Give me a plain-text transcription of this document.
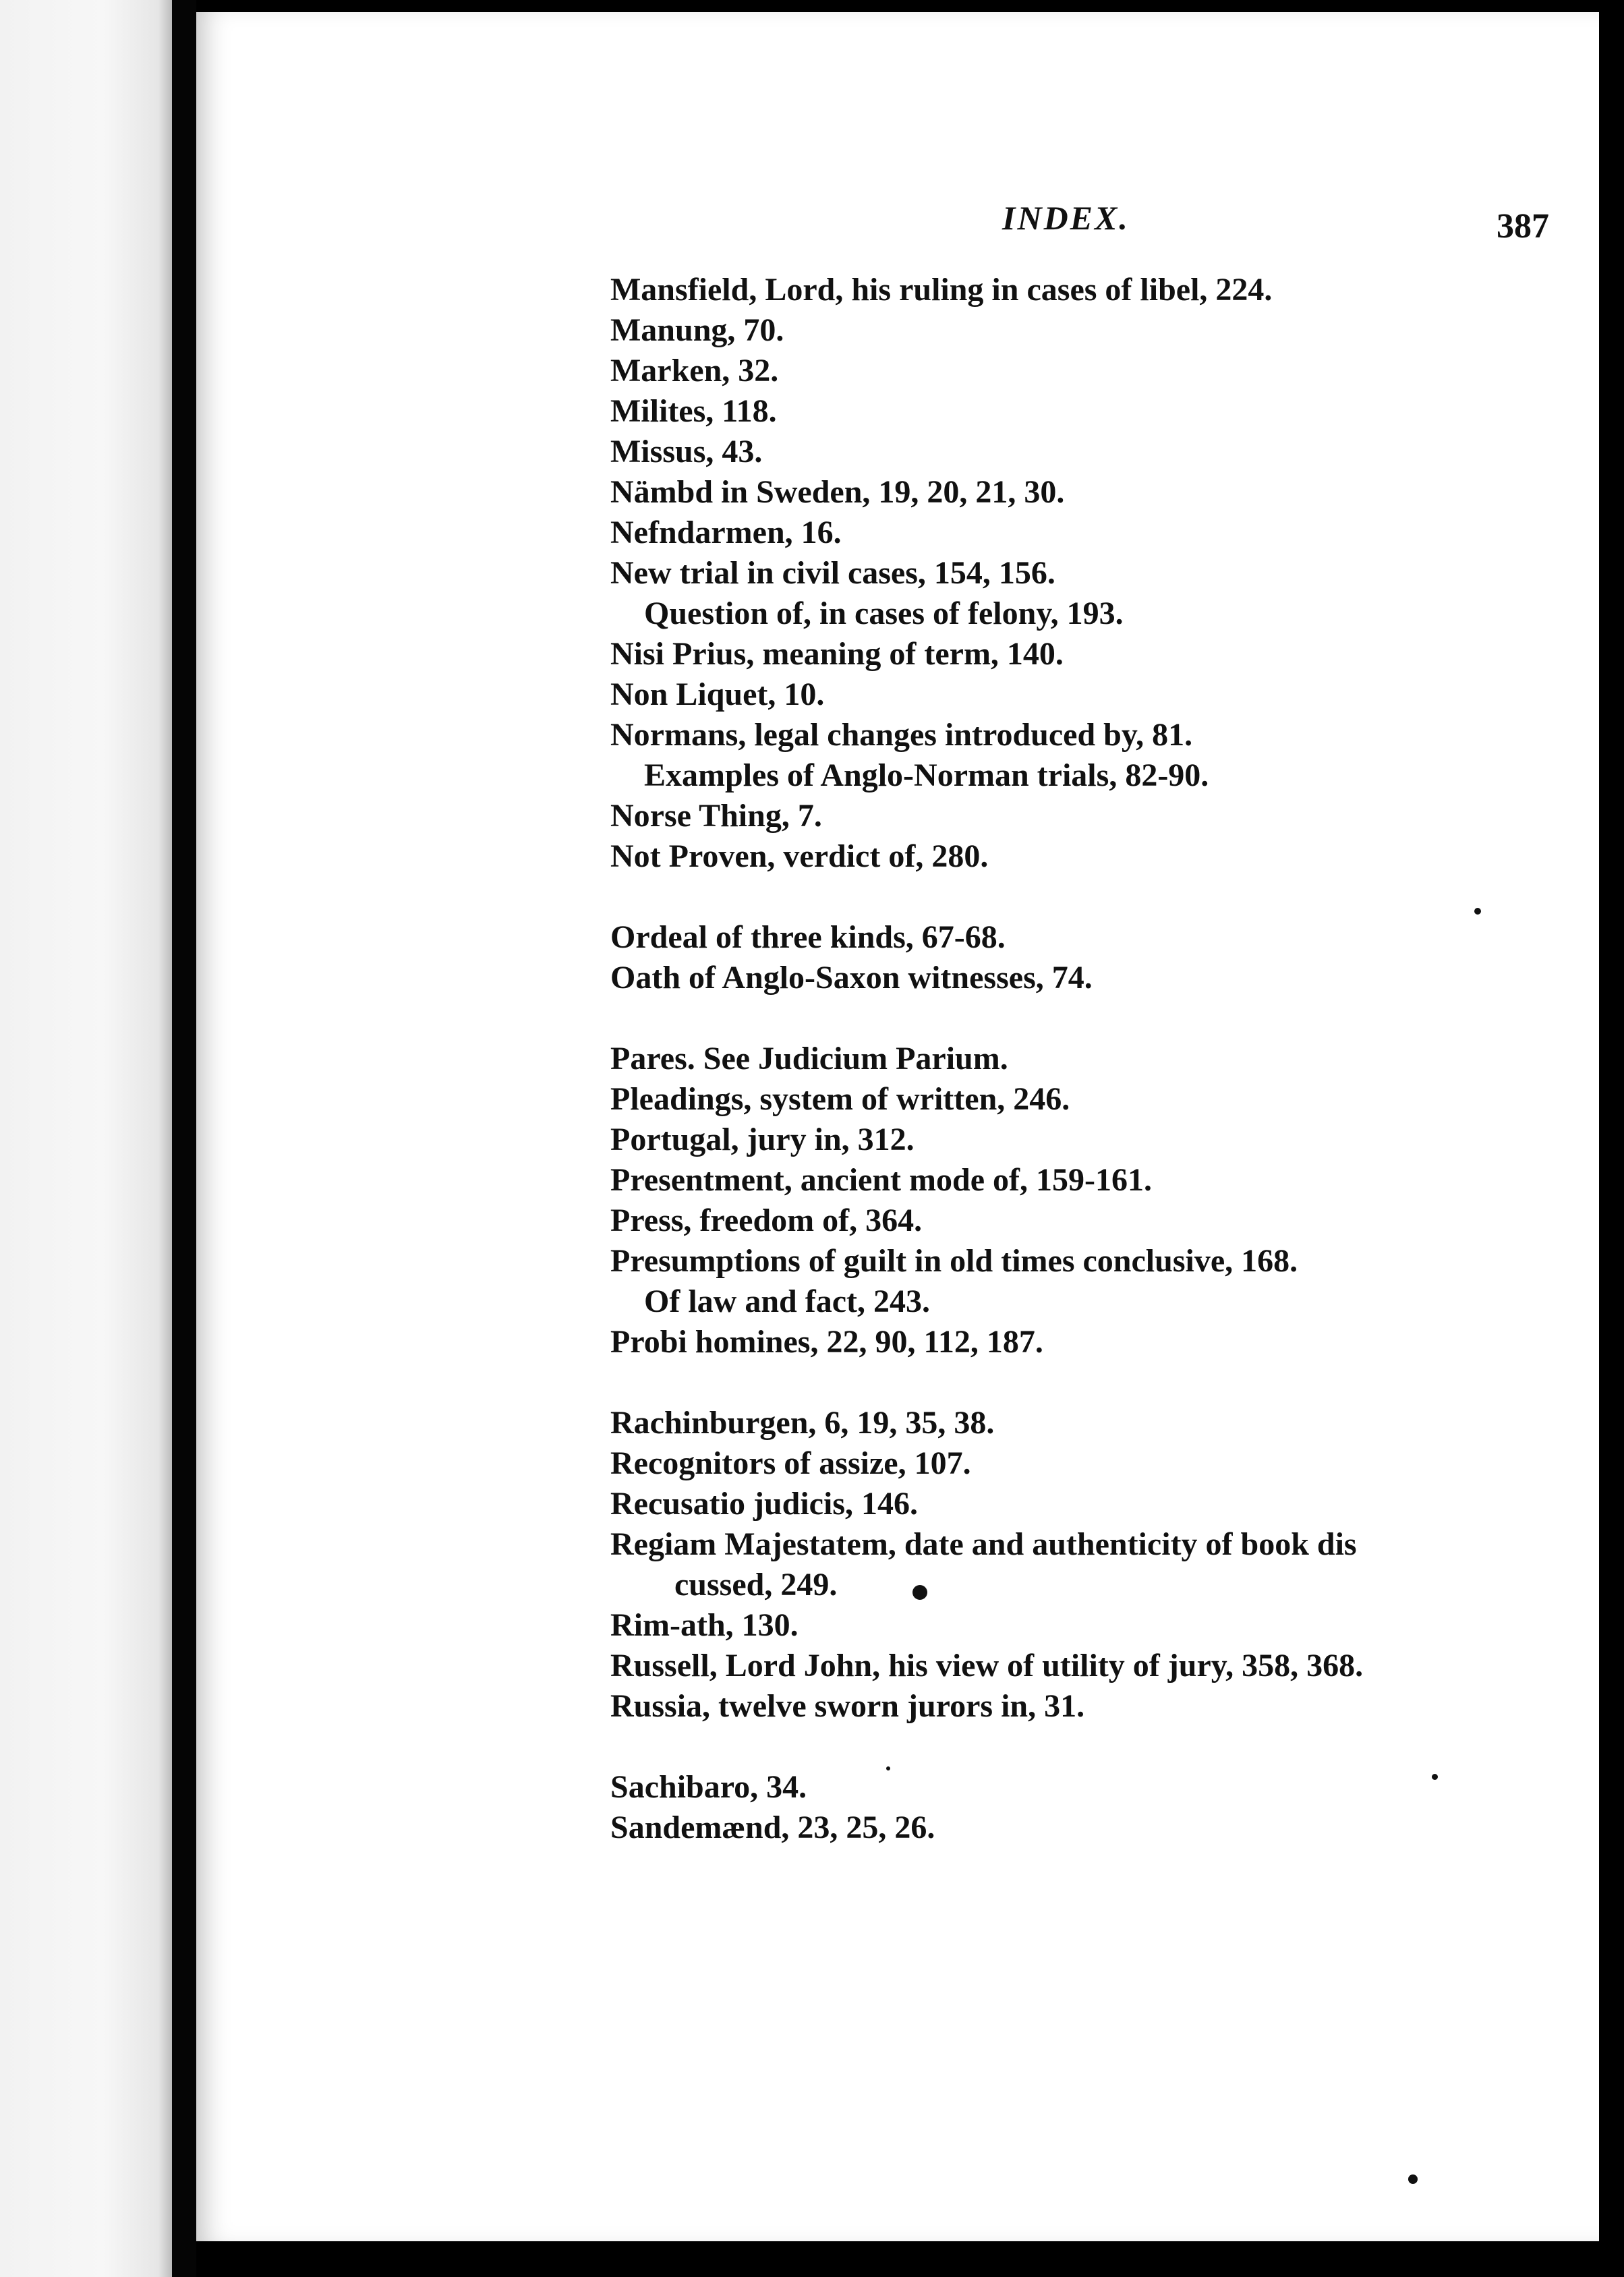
INDEX.	387
Mansfield, Lord, his ruling in cases of libel, 224.
Manung, 70.
Marken, 32.
Milites, 118.
Missus, 43.
Nämbd in Sweden, 19, 20, 21, 30.
Nefndarmen, 16.
New trial in civil cases, 154, 156.
Question of, in cases of felony, 193.
Nisi Prius, meaning of term, 140.
Non Liquet, 10.
Normans, legal changes introduced by, 81.
Examples of Anglo-Norman trials, 82-90.
Norse Thing, 7.
Not Proven, verdict of, 280.
Ordeal of three kinds, 67-68.
Oath of Anglo-Saxon witnesses, 74.
Pares. See Judicium Parium.
Pleadings, system of written, 246.
Portugal, jury in, 312.
Presentment, ancient mode of, 159-161.
Press, freedom of, 364.
Presumptions of guilt in old times conclusive, 168.
Of law and fact, 243.
Probi homines, 22, 90, 112, 187.
Rachinburgen, 6, 19, 35, 38.
Recognitors of assize, 107.
Recusatio judicis, 146.
Regiam Majestatem, date and authenticity of book dis
cussed, 249.
Rim-ath, 130.
Russell, Lord John, his view of utility of jury, 358, 368.
Russia, twelve sworn jurors in, 31.
Sachibaro, 34.
Sandemænd, 23, 25, 26.
